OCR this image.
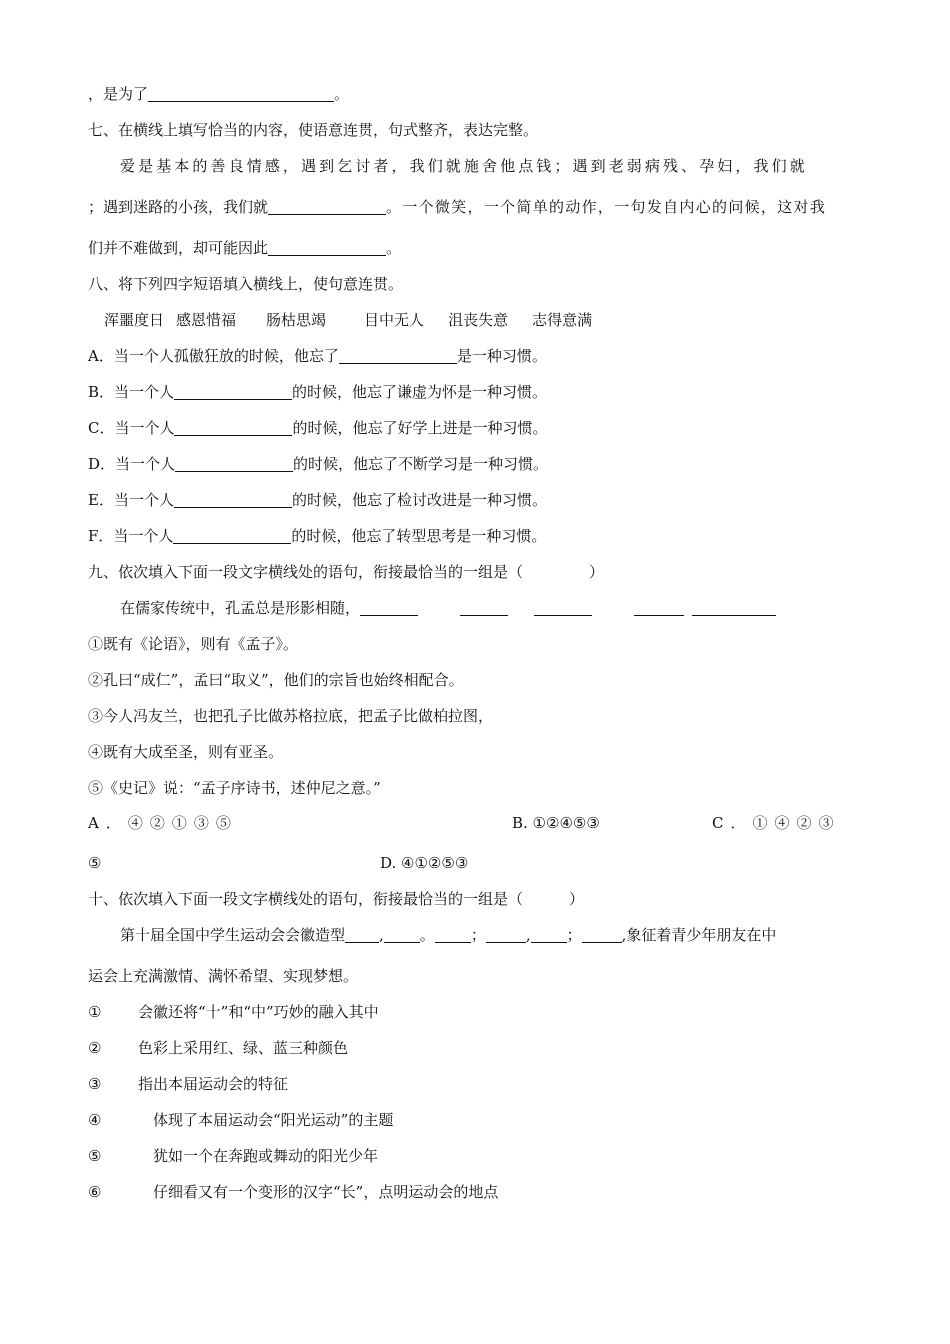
，是为了	。
七、在横线上填写恰当的内容，使语意连贯，句式整齐，表达完整。
爱是基本的善良情感，遇到乞讨者，我们就施舍他点钱；遇到老弱病残、孕妇，我们就
；遇到迷路的小孩，我们就	。一个微笑，一个简单的动作，一句发自内心的问候，这对我
们并不难做到，却可能因此	。
八、将下列四字短语填入横线上，使句意连贯。
浑噩度日 感恩惜福 肠枯思竭	目中无人 沮丧失意 志得意满
A．当一个人孤傲狂放的时候，他忘了	是一种习惯。
B．当一个人	的时候，他忘了谦虚为怀是一种习惯。
C．当一个人	的时候，他忘了好学上进是一种习惯。
D．当一个人	的时候，他忘了不断学习是一种习惯。
E．当一个人	的时候，他忘了检讨改进是一种习惯。
F．当一个人	的时候，他忘了转型思考是一种习惯。
九、依次填入下面一段文字横线处的语句，衔接最恰当的一组是（	）
在儒家传统中，孔孟总是形影相随，
①既有《论语》，则有《孟子》。
②孔曰“成仁”，孟曰“取义”，他们的宗旨也始终相配合。
③今人冯友兰，也把孔子比做苏格拉底，把孟子比做柏拉图，
④既有大成至圣，则有亚圣。
⑤《史记》说：“孟子序诗书，述仲尼之意。”
A．④②①③⑤	B. ①②④⑤③	C．①④②③
⑤	D. ④①②⑤③
十、依次填入下面一段文字横线处的语句，衔接最恰当的一组是（	）
第十届全国中学生运动会会徽造型 , 。 ；	, ；	,象征着青少年朋友在中
运会上充满激情、满怀希望、实现梦想。
① 会徽还将“十”和“中”巧妙的融入其中
② 色彩上采用红、绿、蓝三种颜色
③ 指出本届运动会的特征
④	体现了本届运动会“阳光运动”的主题
⑤	犹如一个在奔跑或舞动的阳光少年
⑥	仔细看又有一个变形的汉字“长”，点明运动会的地点
